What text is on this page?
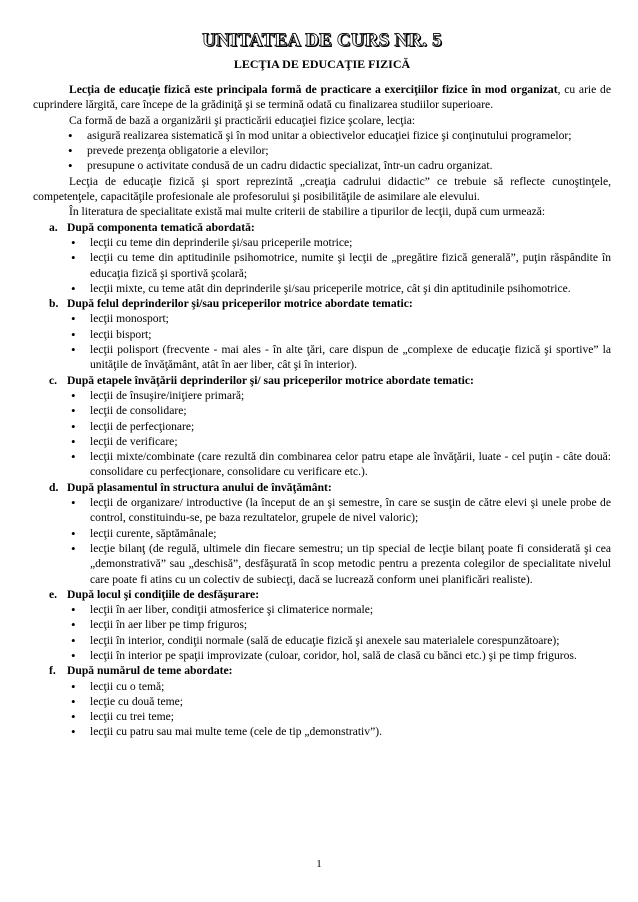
UNITATEA DE CURS NR. 5
LECŢIA DE EDUCAŢIE FIZICĂ

Lecţia de educaţie fizică este principala formă de practicare a exerciţiilor fizice în mod organizat, cu arie de cuprindere lărgită, care începe de la grădiniţă şi se termină odată cu finalizarea studiilor superioare.

Ca formă de bază a organizării şi practicării educaţiei fizice şcolare, lecţia:

• asigură realizarea sistematică şi în mod unitar a obiectivelor educaţiei fizice şi conţinutului programelor;
• prevede prezenţa obligatorie a elevilor;
• presupune o activitate condusă de un cadru didactic specializat, într-un cadru organizat.

Lecţia de educaţie fizică şi sport reprezintă „creaţia cadrului didactic” ce trebuie să reflecte cunoştinţele, competenţele, capacităţile profesionale ale profesorului şi posibilităţile de asimilare ale elevului.

În literatura de specialitate există mai multe criterii de stabilire a tipurilor de lecţii, după cum urmează:

a. După componenta tematică abordată:
• lecţii cu teme din deprinderile şi/sau priceperile motrice;
• lecţii cu teme din aptitudinile psihomotrice, numite şi lecţii de „pregătire fizică generală”, puţin răspândite în educaţia fizică şi sportivă şcolară;
• lecţii mixte, cu teme atât din deprinderile şi/sau priceperile motrice, cât şi din aptitudinile psihomotrice.
b. După felul deprinderilor şi/sau priceperilor motrice abordate tematic:
• lecţii monosport;
• lecţii bisport;
• lecţii polisport (frecvente - mai ales - în alte ţări, care dispun de „complexe de educaţie fizică şi sportive” la unităţile de învăţământ, atât în aer liber, cât şi în interior).
c. După etapele învăţării deprinderilor şi/ sau priceperilor motrice abordate tematic:
• lecţii de însuşire/iniţiere primară;
• lecţii de consolidare;
• lecţii de perfecţionare;
• lecţii de verificare;
• lecţii mixte/combinate (care rezultă din combinarea celor patru etape ale învăţării, luate - cel puţin - câte două: consolidare cu perfecţionare, consolidare cu verificare etc.).
d. După plasamentul în structura anului de învăţământ:
• lecţii de organizare/ introductive (la început de an şi semestre, în care se susţin de către elevi şi unele probe de control, constituindu-se, pe baza rezultatelor, grupele de nivel valoric);
• lecţii curente, săptămânale;
• lecţie bilanţ (de regulă, ultimele din fiecare semestru; un tip special de lecţie bilanţ poate fi considerată şi cea „demonstrativă” sau „deschisă”, desfăşurată în scop metodic pentru a prezenta colegilor de specialitate nivelul care poate fi atins cu un colectiv de subiecţi, dacă se lucrează conform unei planificări realiste).
e. După locul şi condiţiile de desfăşurare:
• lecţii în aer liber, condiţii atmosferice şi climaterice normale;
• lecţii în aer liber pe timp friguros;
• lecţii în interior, condiţii normale (sală de educaţie fizică şi anexele sau materialele corespunzătoare);
• lecţii în interior pe spaţii improvizate (culoar, coridor, hol, sală de clasă cu bănci etc.) şi pe timp friguros.
f. După numărul de teme abordate:
• lecţii cu o temă;
• lecţie cu două teme;
• lecţii cu trei teme;
• lecţii cu patru sau mai multe teme (cele de tip „demonstrativ”).
1
